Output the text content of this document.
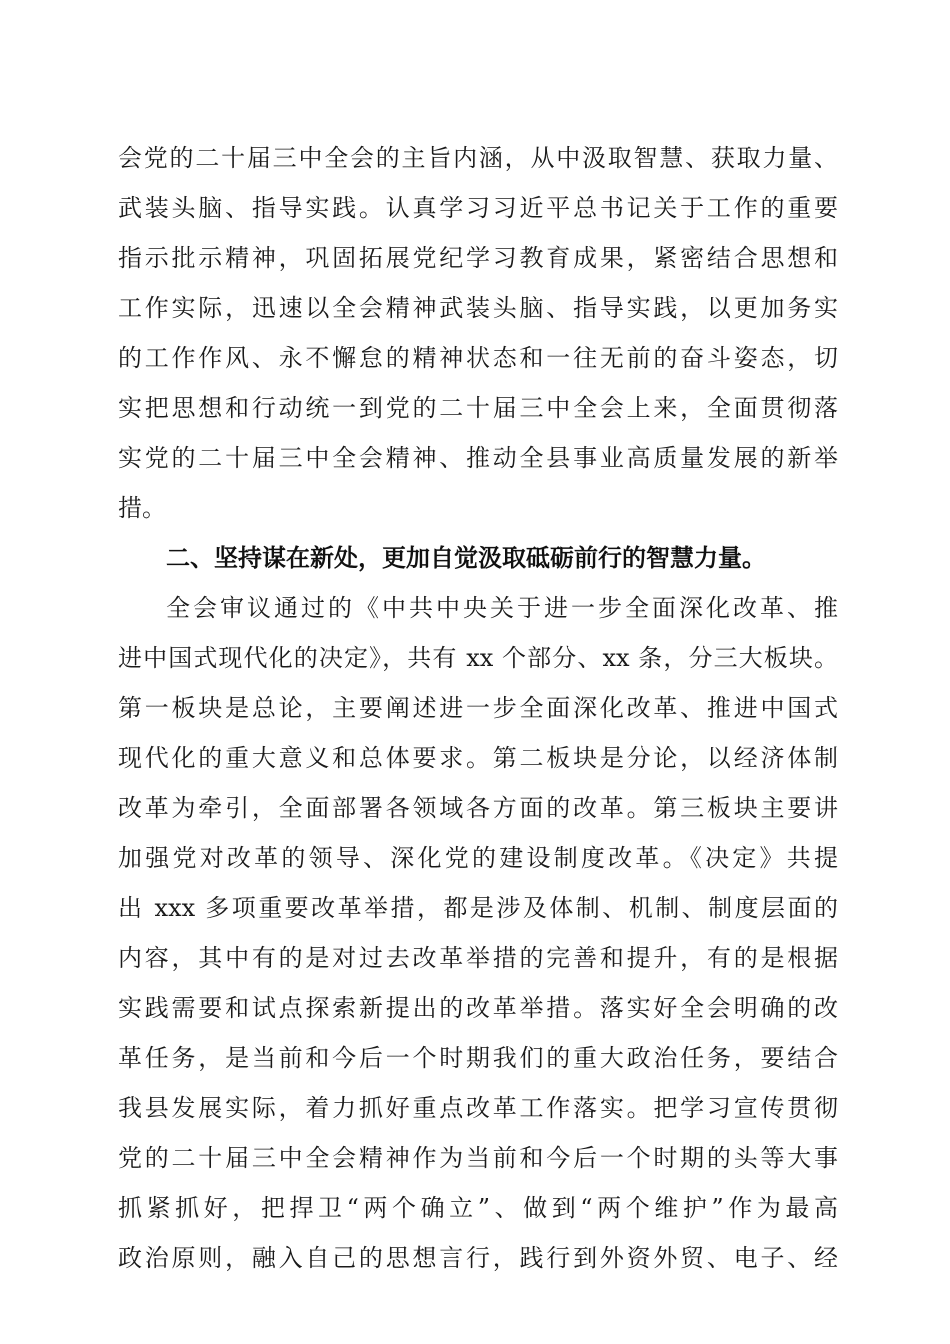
会党的二十届三中全会的主旨内涵，从中汲取智慧、获取力量、
武装头脑、指导实践。认真学习习近平总书记关于工作的重要
指示批示精神，巩固拓展党纪学习教育成果，紧密结合思想和
工作实际，迅速以全会精神武装头脑、指导实践，以更加务实
的工作作风、永不懈怠的精神状态和一往无前的奋斗姿态，切
实把思想和行动统一到党的二十届三中全会上来，全面贯彻落
实党的二十届三中全会精神、推动全县事业高质量发展的新举
措。
二、坚持谋在新处，更加自觉汲取砥砺前行的智慧力量。
全会审议通过的《中共中央关于进一步全面深化改革、推
进中国式现代化的决定》，共有 xx 个部分、xx 条，分三大板块。
第一板块是总论，主要阐述进一步全面深化改革、推进中国式
现代化的重大意义和总体要求。第二板块是分论，以经济体制
改革为牵引，全面部署各领域各方面的改革。第三板块主要讲
加强党对改革的领导、深化党的建设制度改革。《决定》共提
出 xxx 多项重要改革举措，都是涉及体制、机制、制度层面的
内容，其中有的是对过去改革举措的完善和提升，有的是根据
实践需要和试点探索新提出的改革举措。落实好全会明确的改
革任务，是当前和今后一个时期我们的重大政治任务，要结合
我县发展实际，着力抓好重点改革工作落实。把学习宣传贯彻
党的二十届三中全会精神作为当前和今后一个时期的头等大事
抓紧抓好，把捍卫“两个确立”、做到“两个维护”作为最高
政治原则，融入自己的思想言行，践行到外资外贸、电子、经
